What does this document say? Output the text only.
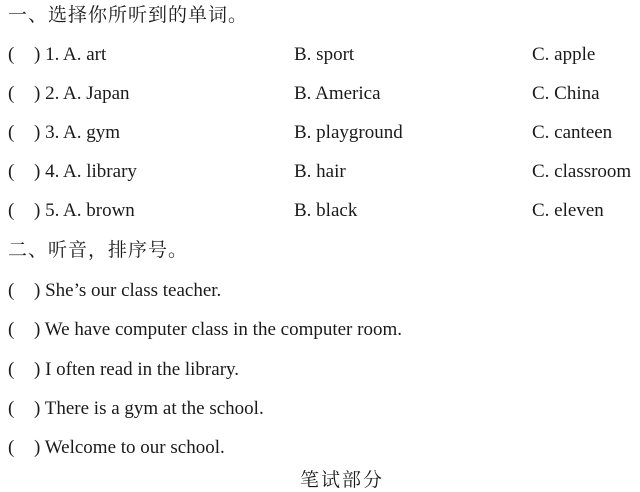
一、选择你所听到的单词。
( ) 1. A. art	B. sport	C. apple
( ) 2. A. Japan	B. America	C. China
( ) 3. A. gym	B. playground	C. canteen
( ) 4. A. library	B. hair	C. classroom
( ) 5. A. brown	B. black	C. eleven
二、听音，排序号。
( ) She’s our class teacher.
( ) We have computer class in the computer room.
( ) I often read in the library.
( ) There is a gym at the school.
( ) Welcome to our school.
笔试部分
